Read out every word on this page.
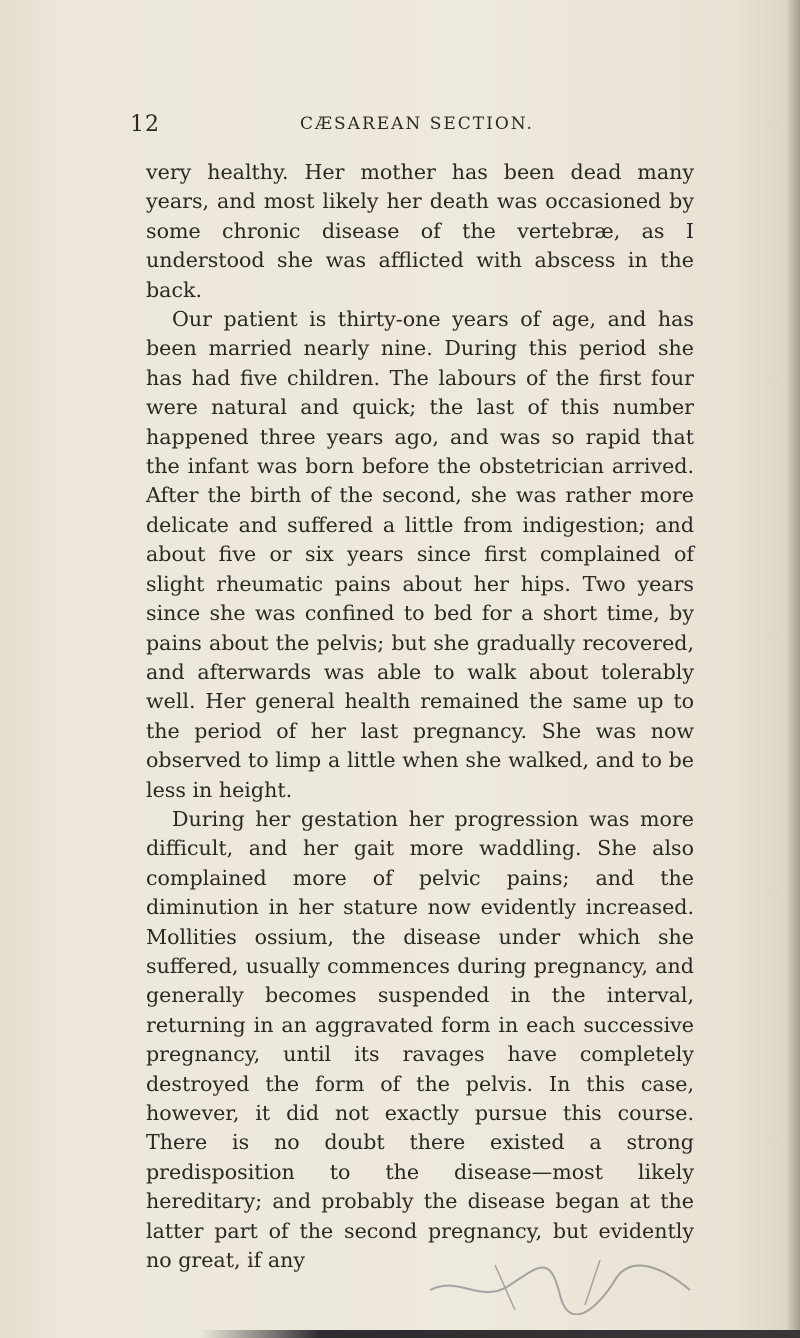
12	CÆSAREAN SECTION.

very healthy. Her mother has been dead many years, and most likely her death was occasioned by some chronic disease of the vertebræ, as I understood she was afflicted with abscess in the back.

Our patient is thirty-one years of age, and has been married nearly nine. During this period she has had five children. The labours of the first four were natural and quick; the last of this number happened three years ago, and was so rapid that the infant was born before the obstetrician arrived. After the birth of the second, she was rather more delicate and suffered a little from indigestion; and about five or six years since first complained of slight rheumatic pains about her hips. Two years since she was confined to bed for a short time, by pains about the pelvis; but she gradually recovered, and afterwards was able to walk about tolerably well. Her general health remained the same up to the period of her last pregnancy. She was now observed to limp a little when she walked, and to be less in height.

During her gestation her progression was more difficult, and her gait more waddling. She also complained more of pelvic pains; and the diminution in her stature now evidently increased. Mollities ossium, the disease under which she suffered, usually commences during pregnancy, and generally becomes suspended in the interval, returning in an aggravated form in each successive pregnancy, until its ravages have completely destroyed the form of the pelvis. In this case, however, it did not exactly pursue this course. There is no doubt there existed a strong predisposition to the disease—most likely hereditary; and probably the disease began at the latter part of the second pregnancy, but evidently no great, if any
